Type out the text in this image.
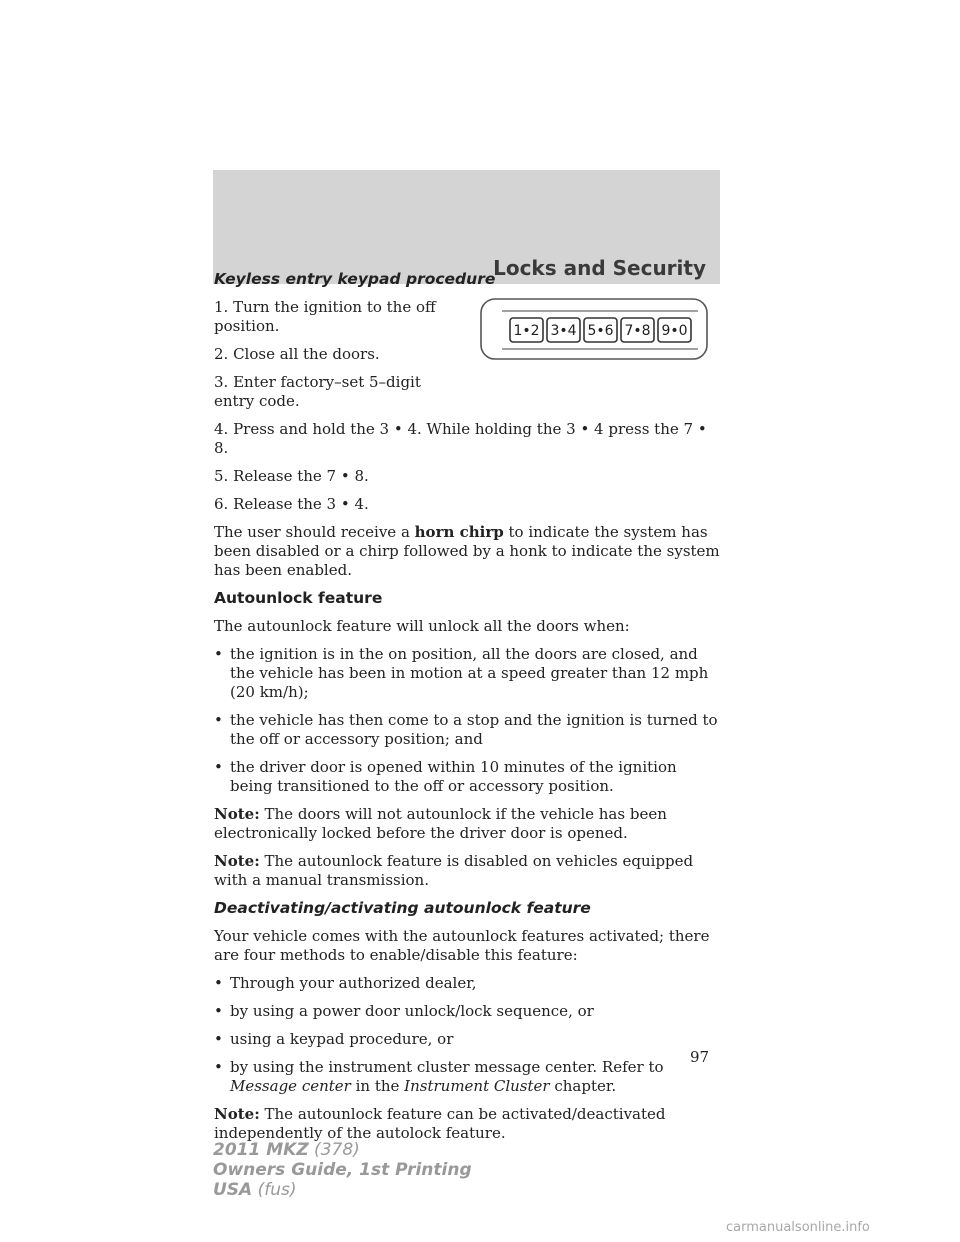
Locks and Security
1•2 3•4 5•6 7•8 9•0
Keyless entry keypad procedure

1. Turn the ignition to the off position.

2. Close all the doors.

3. Enter factory–set 5–digit entry code.

4. Press and hold the 3 • 4. While holding the 3 • 4 press the 7 • 8.

5. Release the 7 • 8.

6. Release the 3 • 4.

The user should receive a horn chirp to indicate the system has been disabled or a chirp followed by a honk to indicate the system has been enabled.

Autounlock feature

The autounlock feature will unlock all the doors when:

• the ignition is in the on position, all the doors are closed, and the vehicle has been in motion at a speed greater than 12 mph (20 km/h);
• the vehicle has then come to a stop and the ignition is turned to the off or accessory position; and
• the driver door is opened within 10 minutes of the ignition being transitioned to the off or accessory position.

Note: The doors will not autounlock if the vehicle has been electronically locked before the driver door is opened.

Note: The autounlock feature is disabled on vehicles equipped with a manual transmission.

Deactivating/activating autounlock feature

Your vehicle comes with the autounlock features activated; there are four methods to enable/disable this feature:

• Through your authorized dealer,
• by using a power door unlock/lock sequence, or
• using a keypad procedure, or
• by using the instrument cluster message center. Refer to Message center in the Instrument Cluster chapter.

Note: The autounlock feature can be activated/deactivated independently of the autolock feature.

97
2011 MKZ (378)
Owners Guide, 1st Printing
USA (fus)
carmanualsonline.info
